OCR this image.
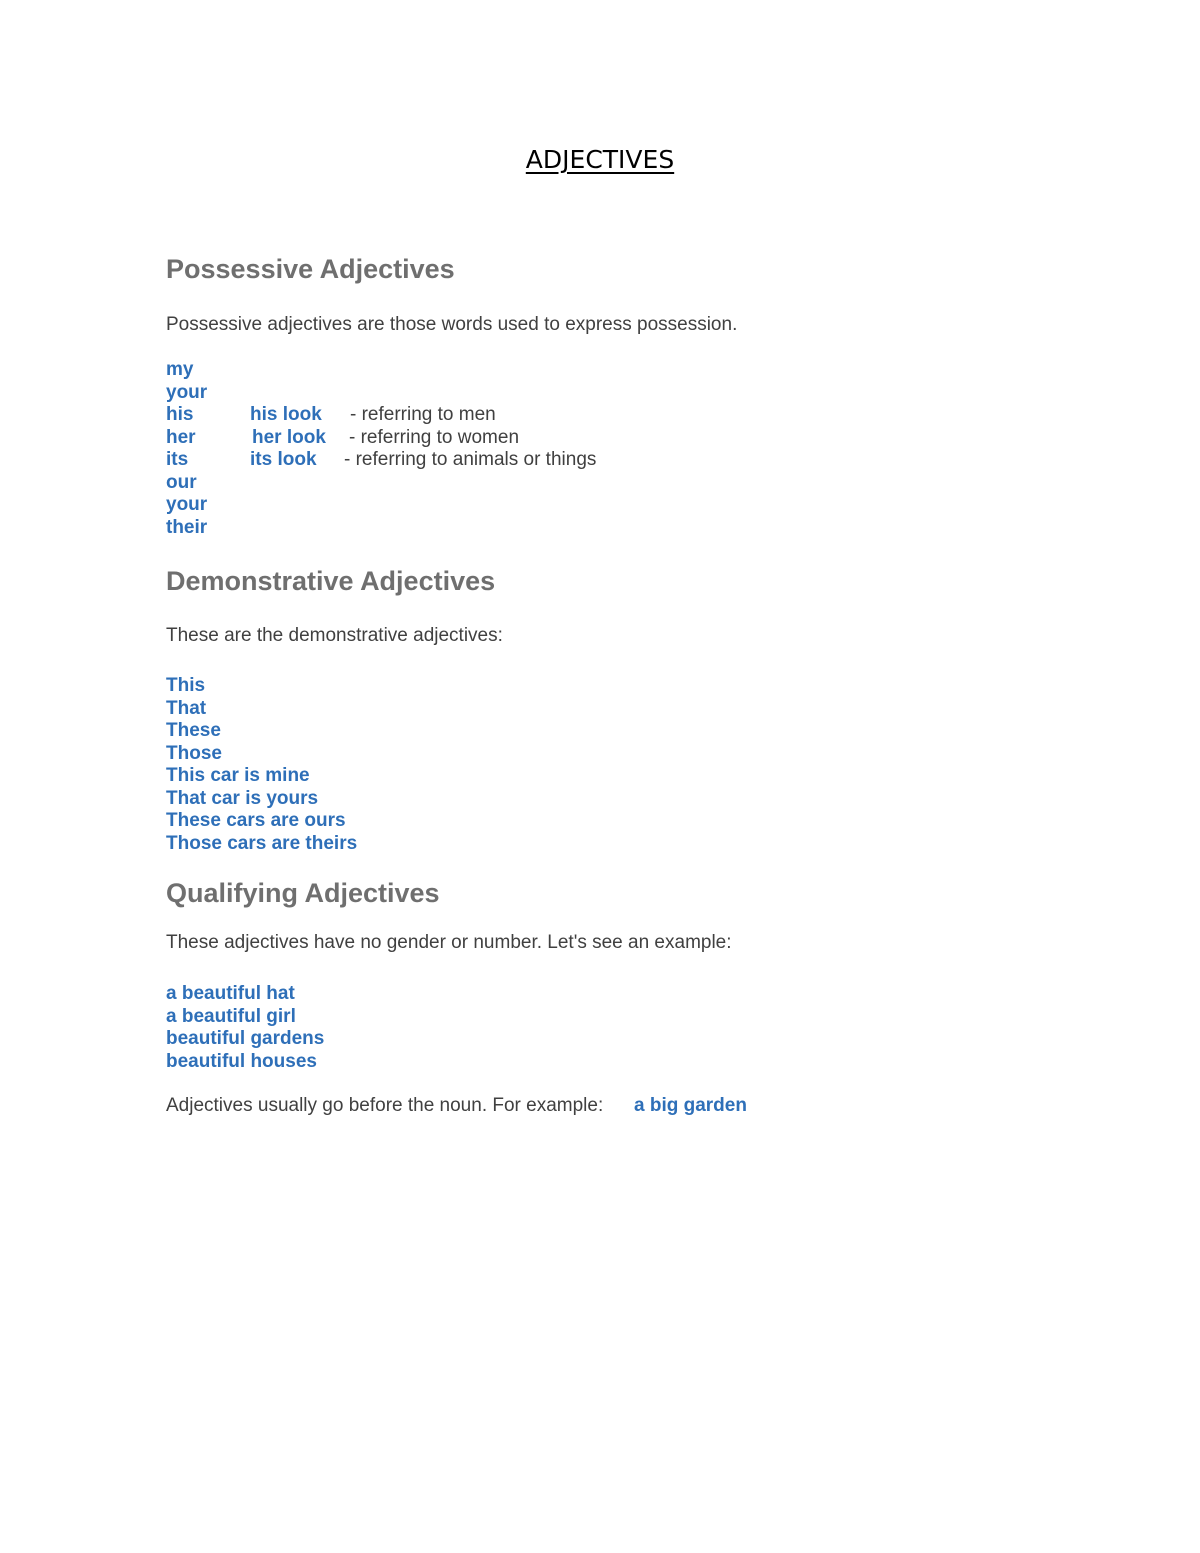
ADJECTIVES
Possessive Adjectives
Possessive adjectives are those words used to express possession.
my
your
his	his look - referring to men
her	her look - referring to women
its	its look - referring to animals or things
our
your
their
Demonstrative Adjectives
These are the demonstrative adjectives:
This
That
These
Those
This car is mine
That car is yours
These cars are ours
Those cars are theirs
Qualifying Adjectives
These adjectives have no gender or number. Let's see an example:
a beautiful hat
a beautiful girl
beautiful gardens
beautiful houses
Adjectives usually go before the noun. For example: a big garden
